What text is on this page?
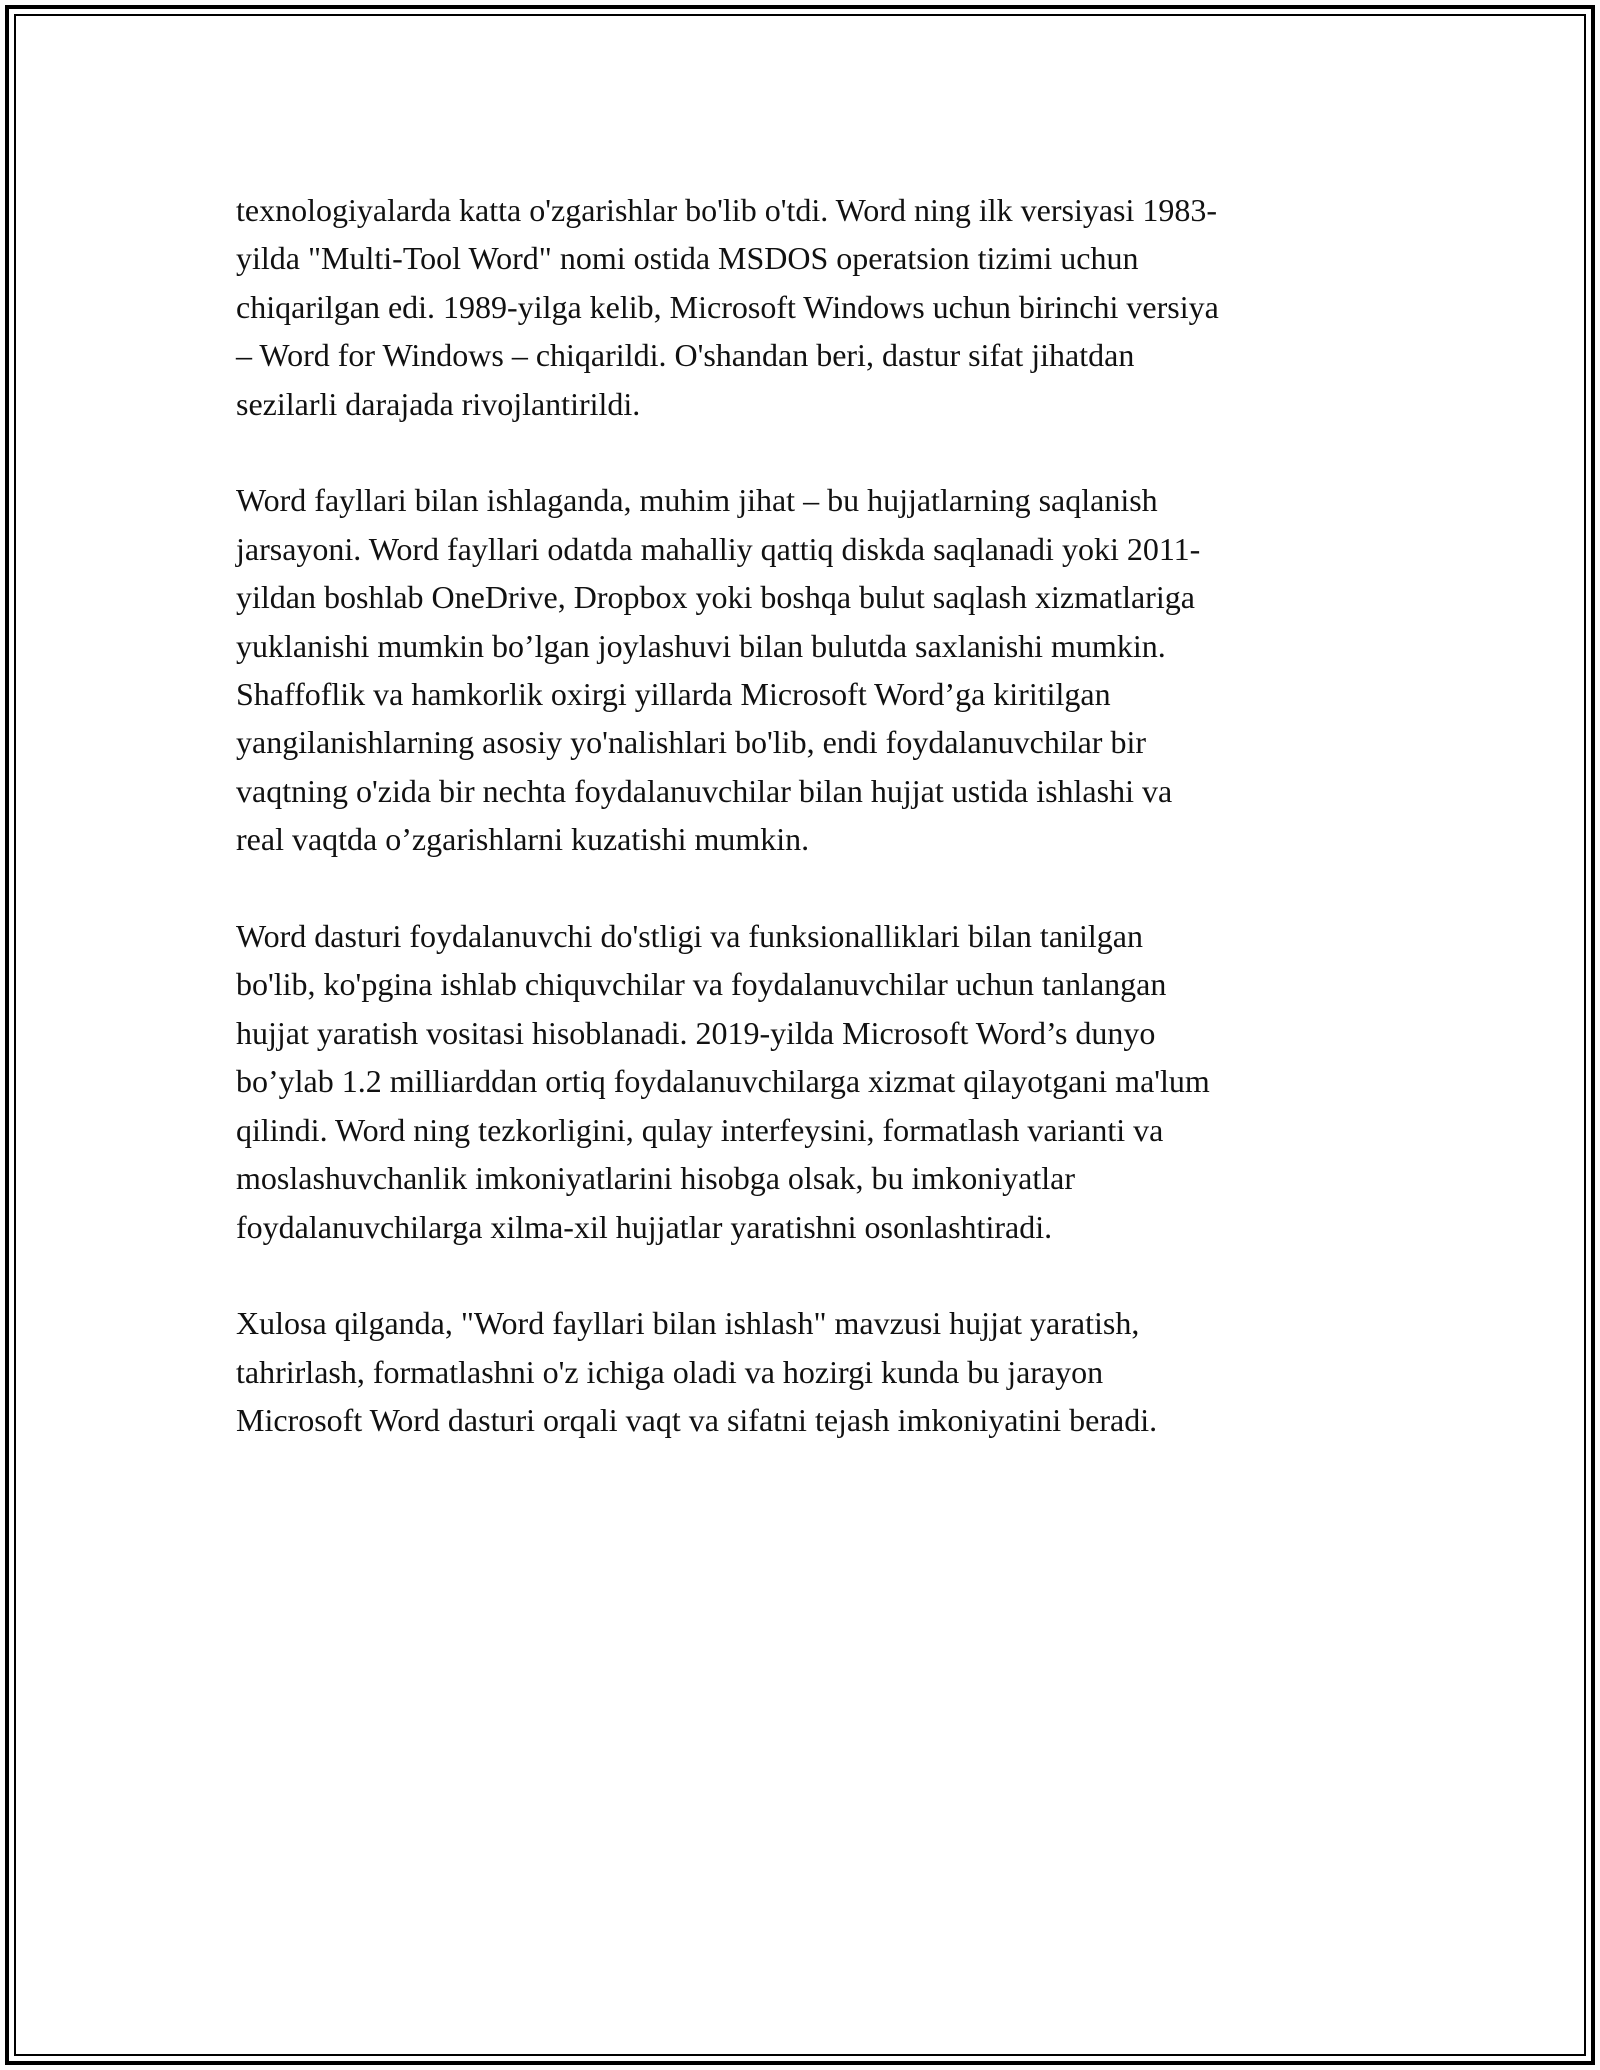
texnologiyalarda katta o'zgarishlar bo'lib o'tdi. Word ning ilk versiyasi 1983-
yilda "Multi-Tool Word" nomi ostida MSDOS operatsion tizimi uchun
chiqarilgan edi. 1989-yilga kelib, Microsoft Windows uchun birinchi versiya
– Word for Windows – chiqarildi. O'shandan beri, dastur sifat jihatdan
sezilarli darajada rivojlantirildi.

Word fayllari bilan ishlaganda, muhim jihat – bu hujjatlarning saqlanish
jarsayoni. Word fayllari odatda mahalliy qattiq diskda saqlanadi yoki 2011-
yildan boshlab OneDrive, Dropbox yoki boshqa bulut saqlash xizmatlariga
yuklanishi mumkin bo’lgan joylashuvi bilan bulutda saxlanishi mumkin.
Shaffoflik va hamkorlik oxirgi yillarda Microsoft Word’ga kiritilgan
yangilanishlarning asosiy yo'nalishlari bo'lib, endi foydalanuvchilar bir
vaqtning o'zida bir nechta foydalanuvchilar bilan hujjat ustida ishlashi va
real vaqtda o’zgarishlarni kuzatishi mumkin.

Word dasturi foydalanuvchi do'stligi va funksionalliklari bilan tanilgan
bo'lib, ko'pgina ishlab chiquvchilar va foydalanuvchilar uchun tanlangan
hujjat yaratish vositasi hisoblanadi. 2019-yilda Microsoft Word’s dunyo
bo’ylab 1.2 milliarddan ortiq foydalanuvchilarga xizmat qilayotgani ma'lum
qilindi. Word ning tezkorligini, qulay interfeysini, formatlash varianti va
moslashuvchanlik imkoniyatlarini hisobga olsak, bu imkoniyatlar
foydalanuvchilarga xilma-xil hujjatlar yaratishni osonlashtiradi.

Xulosa qilganda, "Word fayllari bilan ishlash" mavzusi hujjat yaratish,
tahrirlash, formatlashni o'z ichiga oladi va hozirgi kunda bu jarayon
Microsoft Word dasturi orqali vaqt va sifatni tejash imkoniyatini beradi.
